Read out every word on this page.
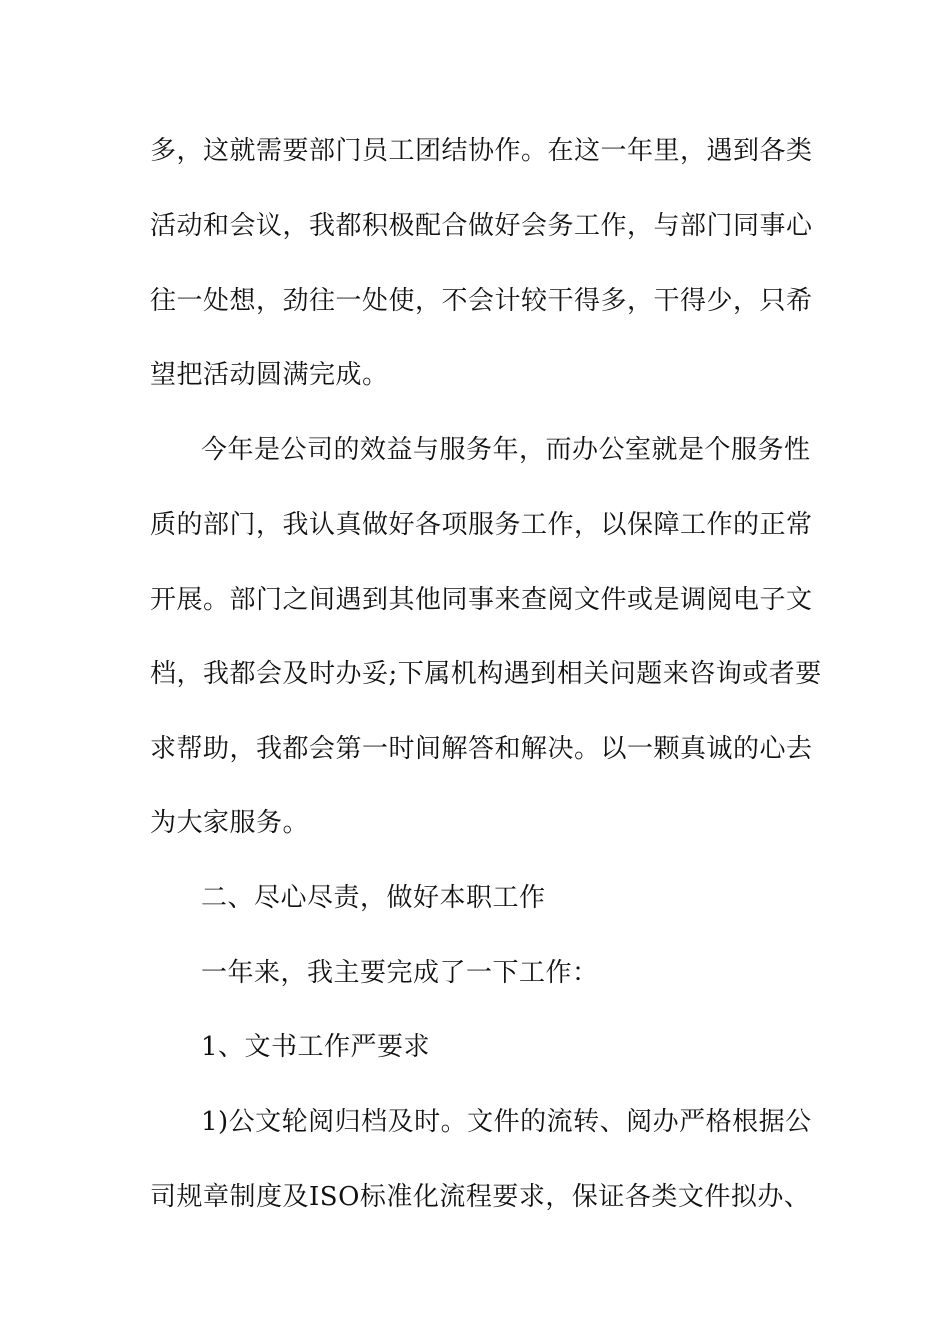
多，这就需要部门员工团结协作。在这一年里，遇到各类
活动和会议，我都积极配合做好会务工作，与部门同事心
往一处想，劲往一处使，不会计较干得多，干得少，只希
望把活动圆满完成。
今年是公司的效益与服务年，而办公室就是个服务性
质的部门，我认真做好各项服务工作，以保障工作的正常
开展。部门之间遇到其他同事来查阅文件或是调阅电子文
档，我都会及时办妥;下属机构遇到相关问题来咨询或者要
求帮助，我都会第一时间解答和解决。以一颗真诚的心去
为大家服务。
二、尽心尽责，做好本职工作
一年来，我主要完成了一下工作：
1、文书工作严要求
1)公文轮阅归档及时。文件的流转、阅办严格根据公
司规章制度及ISO标准化流程要求，保证各类文件拟办、
